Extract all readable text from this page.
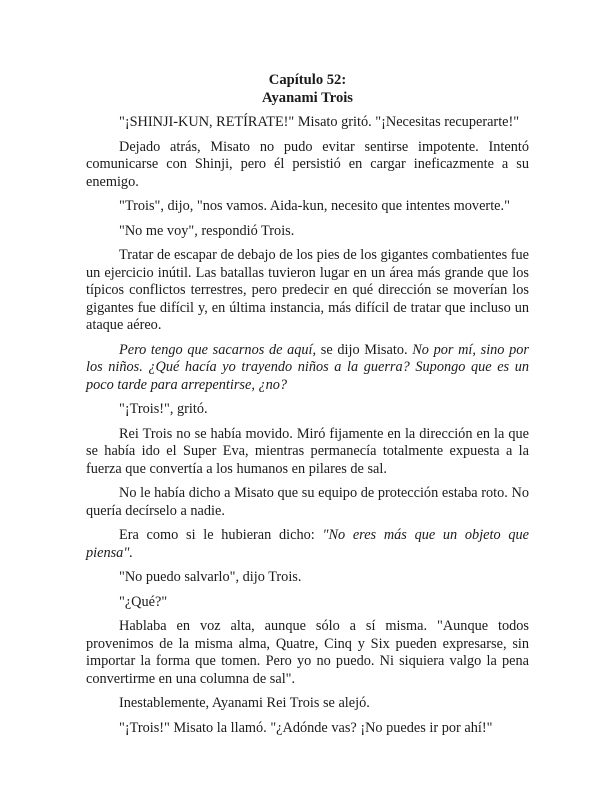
Capítulo 52:

Ayanami Trois

"¡SHINJI-KUN, RETÍRATE!" Misato gritó. "¡Necesitas recuperarte!"

Dejado atrás, Misato no pudo evitar sentirse impotente. Intentó comunicarse con Shinji, pero él persistió en cargar ineficazmente a su enemigo.

"Trois", dijo, "nos vamos. Aida-kun, necesito que intentes moverte."

"No me voy", respondió Trois.

Tratar de escapar de debajo de los pies de los gigantes combatientes fue un ejercicio inútil. Las batallas tuvieron lugar en un área más grande que los típicos conflictos terrestres, pero predecir en qué dirección se moverían los gigantes fue difícil y, en última instancia, más difícil de tratar que incluso un ataque aéreo.

Pero tengo que sacarnos de aquí, se dijo Misato. No por mí, sino por los niños. ¿Qué hacía yo trayendo niños a la guerra? Supongo que es un poco tarde para arrepentirse, ¿no?

"¡Trois!", gritó.

Rei Trois no se había movido. Miró fijamente en la dirección en la que se había ido el Super Eva, mientras permanecía totalmente expuesta a la fuerza que convertía a los humanos en pilares de sal.

No le había dicho a Misato que su equipo de protección estaba roto. No quería decírselo a nadie.

Era como si le hubieran dicho: "No eres más que un objeto que piensa".

"No puedo salvarlo", dijo Trois.

"¿Qué?"

Hablaba en voz alta, aunque sólo a sí misma. "Aunque todos provenimos de la misma alma, Quatre, Cinq y Six pueden expresarse, sin importar la forma que tomen. Pero yo no puedo. Ni siquiera valgo la pena convertirme en una columna de sal".

Inestablemente, Ayanami Rei Trois se alejó.

"¡Trois!" Misato la llamó. "¿Adónde vas? ¡No puedes ir por ahí!"
